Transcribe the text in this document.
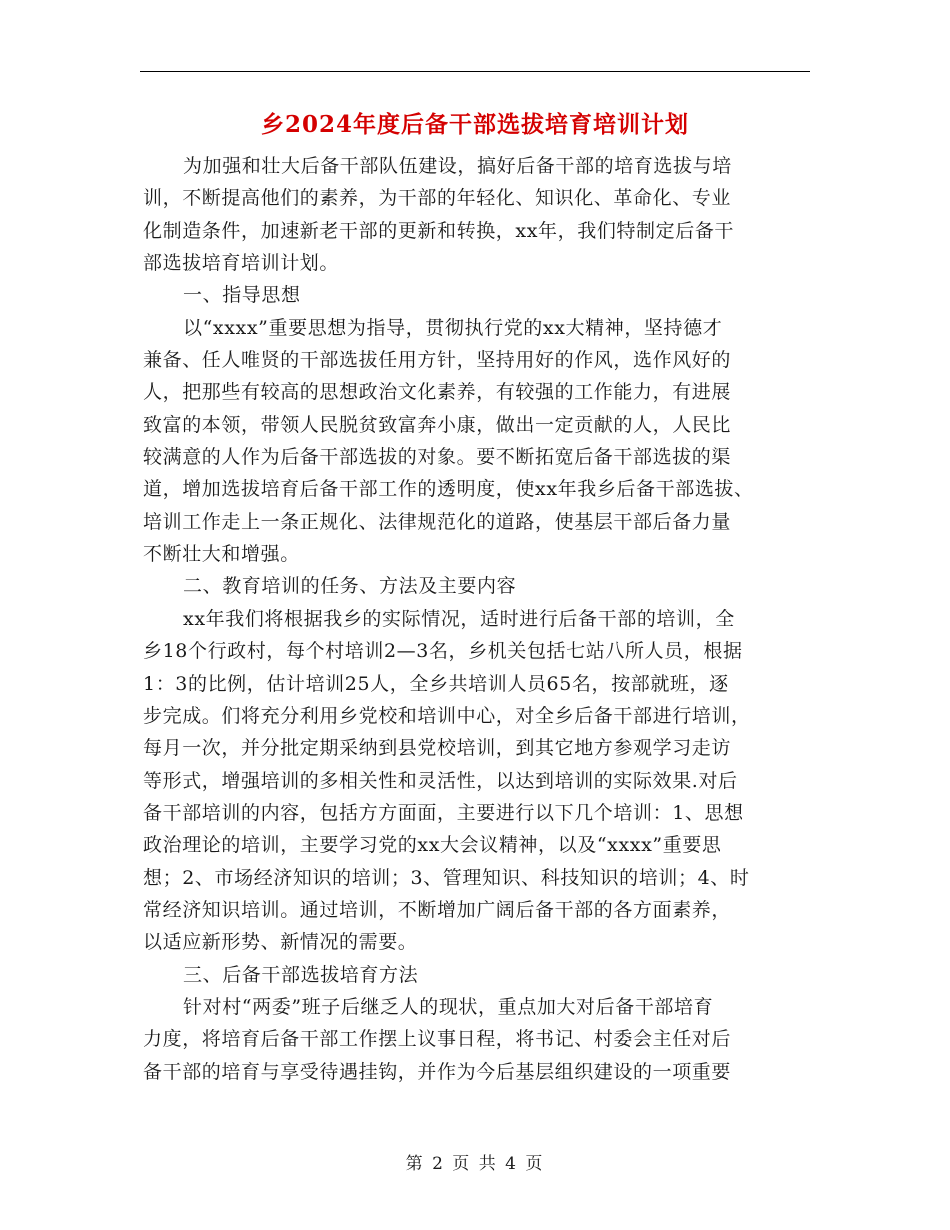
乡2024年度后备干部选拔培育培训计划
为加强和壮大后备干部队伍建设，搞好后备干部的培育选拔与培
训，不断提高他们的素养，为干部的年轻化、知识化、革命化、专业
化制造条件，加速新老干部的更新和转换，xx年，我们特制定后备干
部选拔培育培训计划。
一、指导思想
以“xxxx”重要思想为指导，贯彻执行党的xx大精神，坚持德才
兼备、任人唯贤的干部选拔任用方针，坚持用好的作风，选作风好的
人，把那些有较高的思想政治文化素养，有较强的工作能力，有进展
致富的本领，带领人民脱贫致富奔小康，做出一定贡献的人，人民比
较满意的人作为后备干部选拔的对象。要不断拓宽后备干部选拔的渠
道，增加选拔培育后备干部工作的透明度，使xx年我乡后备干部选拔、
培训工作走上一条正规化、法律规范化的道路，使基层干部后备力量
不断壮大和增强。
二、教育培训的任务、方法及主要内容
xx年我们将根据我乡的实际情况，适时进行后备干部的培训，全
乡18个行政村，每个村培训2—3名，乡机关包括七站八所人员，根据
1：3的比例，估计培训25人，全乡共培训人员65名，按部就班，逐
步完成。们将充分利用乡党校和培训中心，对全乡后备干部进行培训，
每月一次，并分批定期采纳到县党校培训，到其它地方参观学习走访
等形式，增强培训的多相关性和灵活性，以达到培训的实际效果.对后
备干部培训的内容，包括方方面面，主要进行以下几个培训：1、思想
政治理论的培训，主要学习党的xx大会议精神，以及“xxxx”重要思
想；2、市场经济知识的培训；3、管理知识、科技知识的培训；4、时
常经济知识培训。通过培训，不断增加广阔后备干部的各方面素养，
以适应新形势、新情况的需要。
三、后备干部选拔培育方法
针对村“两委”班子后继乏人的现状，重点加大对后备干部培育
力度，将培育后备干部工作摆上议事日程，将书记、村委会主任对后
备干部的培育与享受待遇挂钩，并作为今后基层组织建设的一项重要
第 2 页 共 4 页
